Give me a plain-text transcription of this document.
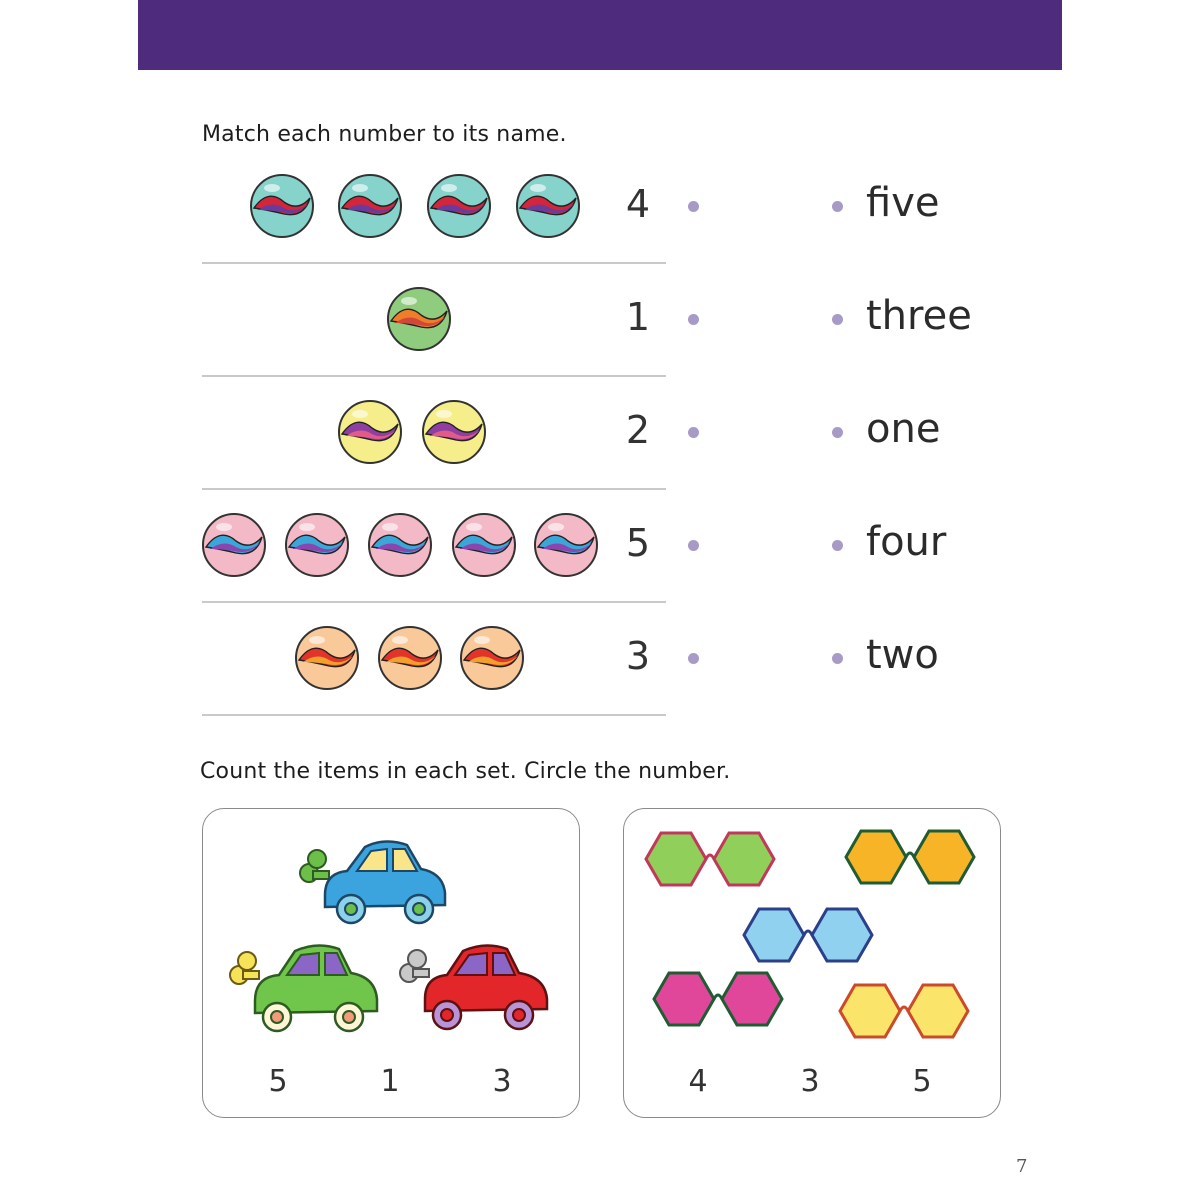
Match each number to its name.
4	five
1	three
2	one
5	four
3	two
Count the items in each set. Circle the number.
5	1	3	4	3	5
7
